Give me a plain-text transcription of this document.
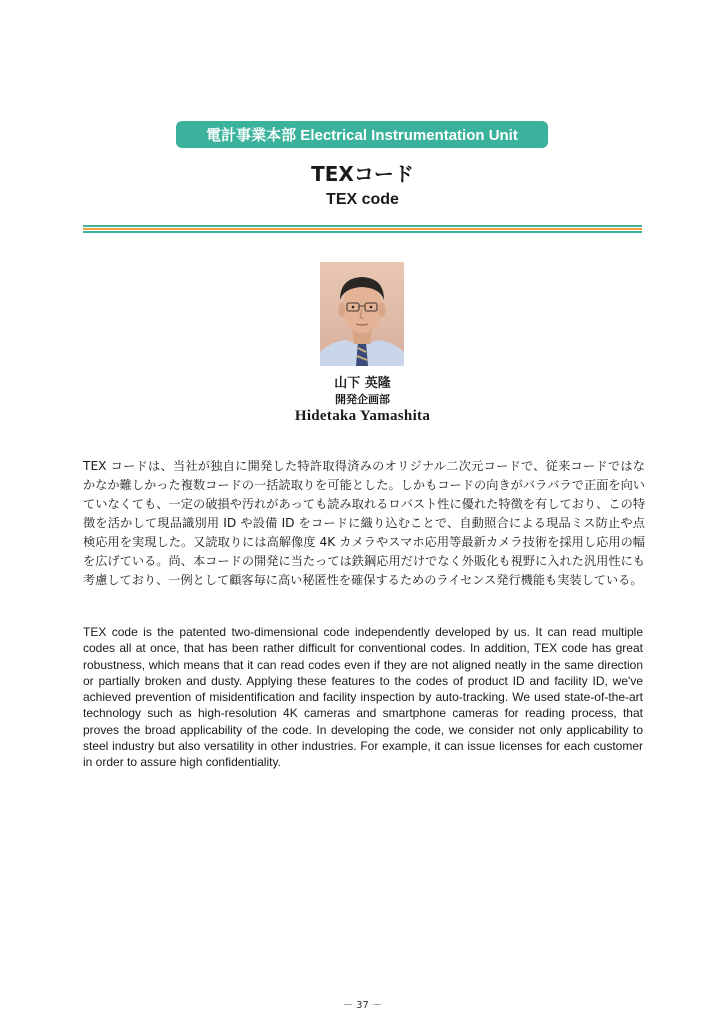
電計事業本部 Electrical Instrumentation Unit
TEXコード
TEX code
山下 英隆
開発企画部
Hidetaka Yamashita

TEX コードは、当社が独自に開発した特許取得済みのオリジナル二次元コードで、従来コードではなかなか難しかった複数コードの一括読取りを可能とした。しかもコードの向きがバラバラで正面を向いていなくても、一定の破損や汚れがあっても読み取れるロバスト性に優れた特徴を有しており、この特徴を活かして現品識別用 ID や設備 ID をコードに織り込むことで、自動照合による現品ミス防止や点検応用を実現した。又読取りには高解像度 4K カメラやスマホ応用等最新カメラ技術を採用し応用の幅を広げている。尚、本コードの開発に当たっては鉄鋼応用だけでなく外販化も視野に入れた汎用性にも考慮しており、一例として顧客毎に高い秘匿性を確保するためのライセンス発行機能も実装している。

TEX code is the patented two-dimensional code independently developed by us. It can read multiple codes all at once, that has been rather difficult for conventional codes. In addition, TEX code has great robustness, which means that it can read codes even if they are not aligned neatly in the same direction or partially broken and dusty. Applying these features to the codes of product ID and facility ID, we've achieved prevention of misidentification and facility inspection by auto-tracking. We used state-of-the-art technology such as high-resolution 4K cameras and smartphone cameras for reading process, that proves the broad applicability of the code. In developing the code, we consider not only applicability to steel industry but also versatility in other industries. For example, it can issue licenses for each customer in order to assure high confidentiality.

－ 37 －
